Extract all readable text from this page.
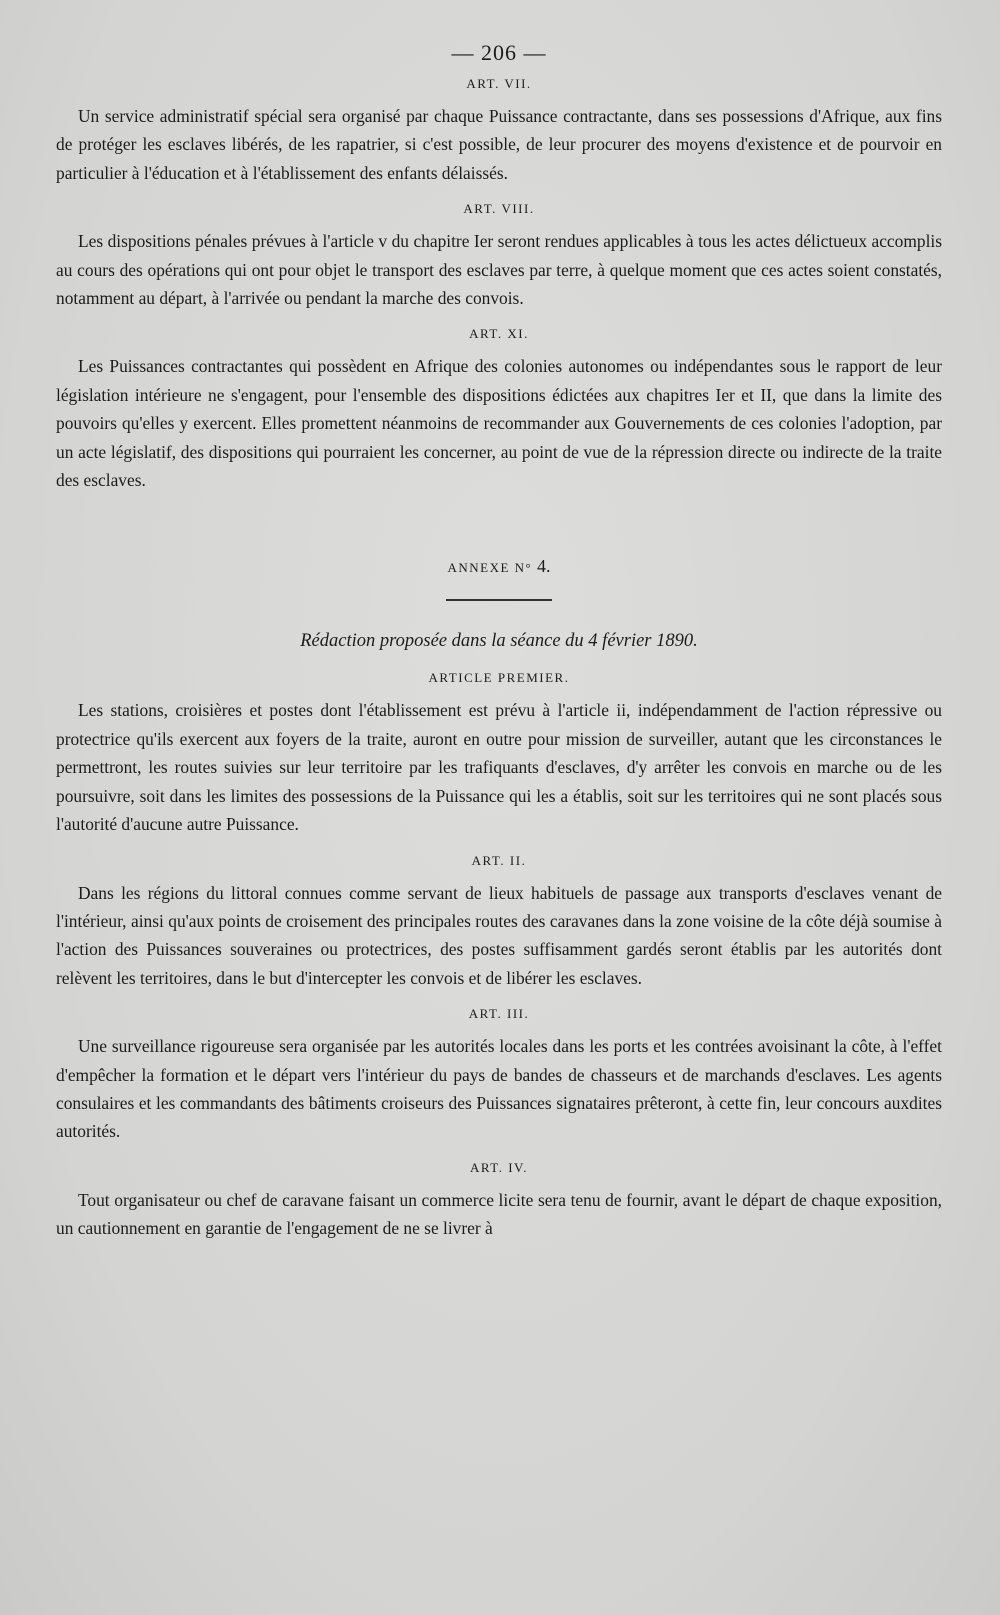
— 206 —
ART. VII.

Un service administratif spécial sera organisé par chaque Puissance contractante, dans ses possessions d'Afrique, aux fins de protéger les esclaves libérés, de les rapatrier, si c'est possible, de leur procurer des moyens d'existence et de pourvoir en particulier à l'éducation et à l'établissement des enfants délaissés.

ART. VIII.

Les dispositions pénales prévues à l'article v du chapitre Ier seront rendues applicables à tous les actes délictueux accomplis au cours des opérations qui ont pour objet le transport des esclaves par terre, à quelque moment que ces actes soient constatés, notamment au départ, à l'arrivée ou pendant la marche des convois.

ART. XI.

Les Puissances contractantes qui possèdent en Afrique des colonies autonomes ou indépendantes sous le rapport de leur législation intérieure ne s'engagent, pour l'ensemble des dispositions édictées aux chapitres Ier et II, que dans la limite des pouvoirs qu'elles y exercent. Elles promettent néanmoins de recommander aux Gouvernements de ces colonies l'adoption, par un acte législatif, des dispositions qui pourraient les concerner, au point de vue de la répression directe ou indirecte de la traite des esclaves.

ANNEXE N° 4.
Rédaction proposée dans la séance du 4 février 1890.
ARTICLE PREMIER.

Les stations, croisières et postes dont l'établissement est prévu à l'article ii, indépendamment de l'action répressive ou protectrice qu'ils exercent aux foyers de la traite, auront en outre pour mission de surveiller, autant que les circonstances le permettront, les routes suivies sur leur territoire par les trafiquants d'esclaves, d'y arrêter les convois en marche ou de les poursuivre, soit dans les limites des possessions de la Puissance qui les a établis, soit sur les territoires qui ne sont placés sous l'autorité d'aucune autre Puissance.

ART. II.

Dans les régions du littoral connues comme servant de lieux habituels de passage aux transports d'esclaves venant de l'intérieur, ainsi qu'aux points de croisement des principales routes des caravanes dans la zone voisine de la côte déjà soumise à l'action des Puissances souveraines ou protectrices, des postes suffisamment gardés seront établis par les autorités dont relèvent les territoires, dans le but d'intercepter les convois et de libérer les esclaves.

ART. III.

Une surveillance rigoureuse sera organisée par les autorités locales dans les ports et les contrées avoisinant la côte, à l'effet d'empêcher la formation et le départ vers l'intérieur du pays de bandes de chasseurs et de marchands d'esclaves. Les agents consulaires et les commandants des bâtiments croiseurs des Puissances signataires prêteront, à cette fin, leur concours auxdites autorités.

ART. IV.

Tout organisateur ou chef de caravane faisant un commerce licite sera tenu de fournir, avant le départ de chaque exposition, un cautionnement en garantie de l'engagement de ne se livrer à
